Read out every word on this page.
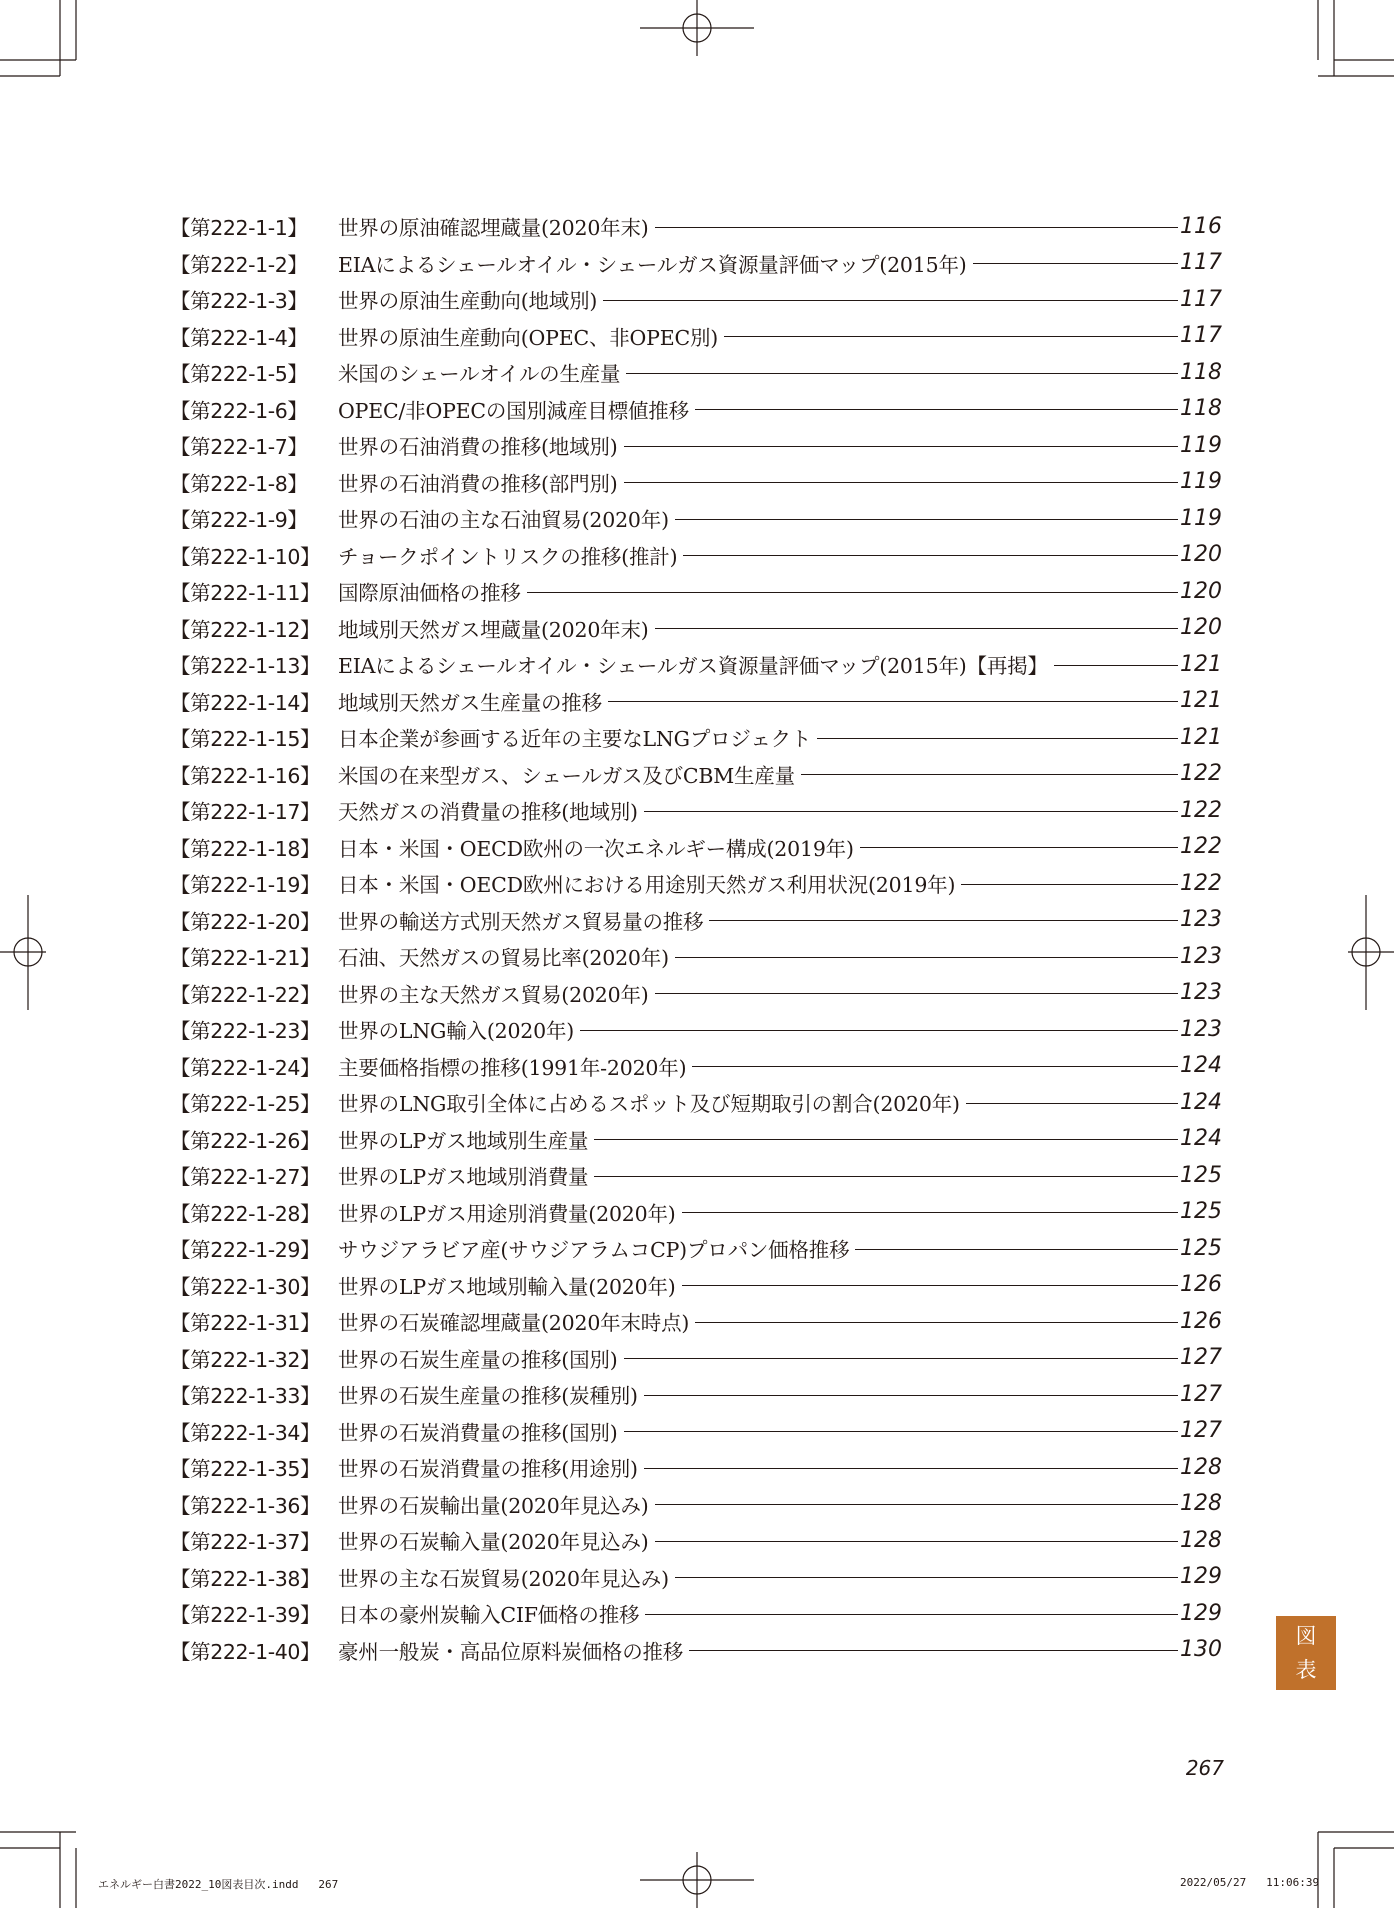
【第222-1-1】	世界の原油確認埋蔵量(2020年末)	116
【第222-1-2】	EIAによるシェールオイル・シェールガス資源量評価マップ(2015年)	117
【第222-1-3】	世界の原油生産動向(地域別)	117
【第222-1-4】	世界の原油生産動向(OPEC、非OPEC別)	117
【第222-1-5】	米国のシェールオイルの生産量	118
【第222-1-6】	OPEC/非OPECの国別減産目標値推移	118
【第222-1-7】	世界の石油消費の推移(地域別)	119
【第222-1-8】	世界の石油消費の推移(部門別)	119
【第222-1-9】	世界の石油の主な石油貿易(2020年)	119
【第222-1-10】 チョークポイントリスクの推移(推計)	120
【第222-1-11】 国際原油価格の推移	120
【第222-1-12】 地域別天然ガス埋蔵量(2020年末)	120
【第222-1-13】 EIAによるシェールオイル・シェールガス資源量評価マップ(2015年)【再掲】	121
【第222-1-14】 地域別天然ガス生産量の推移	121
【第222-1-15】 日本企業が参画する近年の主要なLNGプロジェクト	121
【第222-1-16】 米国の在来型ガス、シェールガス及びCBM生産量	122
【第222-1-17】 天然ガスの消費量の推移(地域別)	122
【第222-1-18】 日本・米国・OECD欧州の一次エネルギー構成(2019年)	122
【第222-1-19】 日本・米国・OECD欧州における用途別天然ガス利用状況(2019年)	122
【第222-1-20】 世界の輸送方式別天然ガス貿易量の推移	123
【第222-1-21】 石油、天然ガスの貿易比率(2020年)	123
【第222-1-22】 世界の主な天然ガス貿易(2020年)	123
【第222-1-23】 世界のLNG輸入(2020年)	123
【第222-1-24】 主要価格指標の推移(1991年-2020年)	124
【第222-1-25】 世界のLNG取引全体に占めるスポット及び短期取引の割合(2020年)	124
【第222-1-26】 世界のLPガス地域別生産量	124
【第222-1-27】 世界のLPガス地域別消費量	125
【第222-1-28】 世界のLPガス用途別消費量(2020年)	125
【第222-1-29】 サウジアラビア産(サウジアラムコCP)プロパン価格推移	125
【第222-1-30】 世界のLPガス地域別輸入量(2020年)	126
【第222-1-31】 世界の石炭確認埋蔵量(2020年末時点)	126
【第222-1-32】 世界の石炭生産量の推移(国別)	127
【第222-1-33】 世界の石炭生産量の推移(炭種別)	127
【第222-1-34】 世界の石炭消費量の推移(国別)	127
【第222-1-35】 世界の石炭消費量の推移(用途別)	128
【第222-1-36】 世界の石炭輸出量(2020年見込み)	128
【第222-1-37】 世界の石炭輸入量(2020年見込み)	128
【第222-1-38】 世界の主な石炭貿易(2020年見込み)	129
【第222-1-39】 日本の豪州炭輸入CIF価格の推移	129
【第222-1-40】 豪州一般炭・高品位原料炭価格の推移	130
図
表
267
エネルギー白書2022_10図表目次.indd   267	2022/05/27   11:06:39
